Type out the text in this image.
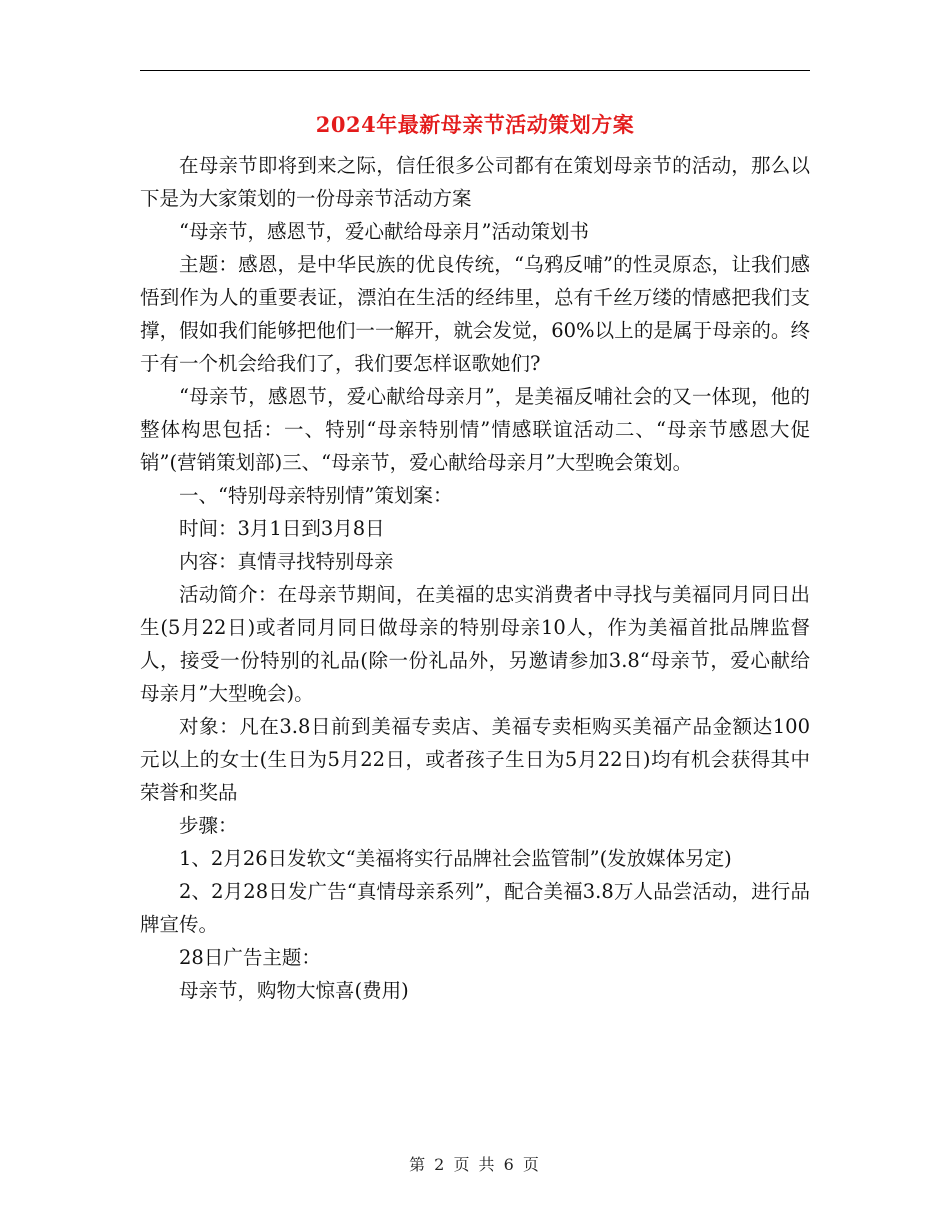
2024年最新母亲节活动策划方案

在母亲节即将到来之际，信任很多公司都有在策划母亲节的活动，那么以下是为大家策划的一份母亲节活动方案

“母亲节，感恩节，爱心献给母亲月”活动策划书

主题：感恩，是中华民族的优良传统，“乌鸦反哺”的性灵原态，让我们感悟到作为人的重要表证，漂泊在生活的经纬里，总有千丝万缕的情感把我们支撑，假如我们能够把他们一一解开，就会发觉，60%以上的是属于母亲的。终于有一个机会给我们了，我们要怎样讴歌她们?

“母亲节，感恩节，爱心献给母亲月”，是美福反哺社会的又一体现，他的整体构思包括：一、特别“母亲特别情”情感联谊活动二、“母亲节感恩大促销”(营销策划部)三、“母亲节，爱心献给母亲月”大型晚会策划。

一、“特别母亲特别情”策划案：

时间：3月1日到3月8日

内容：真情寻找特别母亲

活动简介：在母亲节期间，在美福的忠实消费者中寻找与美福同月同日出生(5月22日)或者同月同日做母亲的特别母亲10人，作为美福首批品牌监督人，接受一份特别的礼品(除一份礼品外，另邀请参加3.8“母亲节，爱心献给母亲月”大型晚会)。

对象：凡在3.8日前到美福专卖店、美福专卖柜购买美福产品金额达100元以上的女士(生日为5月22日，或者孩子生日为5月22日)均有机会获得其中荣誉和奖品

步骤：

1、2月26日发软文“美福将实行品牌社会监管制”(发放媒体另定)

2、2月28日发广告“真情母亲系列”，配合美福3.8万人品尝活动，进行品牌宣传。

28日广告主题：

母亲节，购物大惊喜(费用)

第 2 页 共 6 页
